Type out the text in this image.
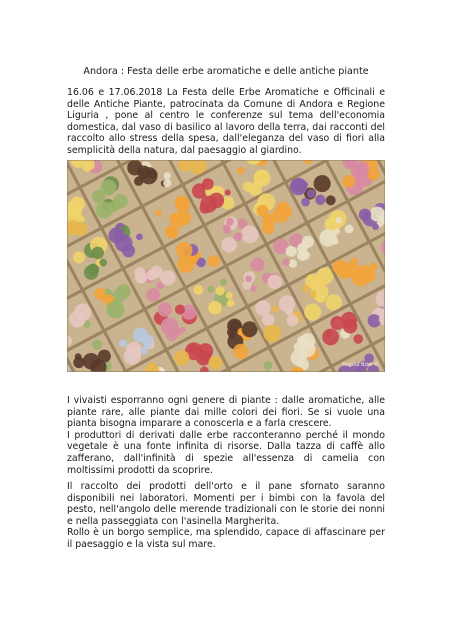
Andora : Festa delle erbe aromatiche e delle antiche piante
16.06 e 17.06.2018 La Festa delle Erbe Aromatiche e Officinali e delle Antiche Piante, patrocinata da Comune di Andora e Regione Liguria , pone al centro le conferenze sul tema dell'economia domestica, dal vaso di basilico al lavoro della terra, dai racconti del raccolto allo stress della spesa, dall'eleganza del vaso di fiori alla semplicità della natura, dal paesaggio al giardino.
Angela Bizzi ©
I vivaisti esporranno ogni genere di piante : dalle aromatiche, alle piante rare, alle piante dai mille colori dei fiori. Se si vuole una pianta bisogna imparare a conoscerla e a farla crescere.
I produttori di derivati dalle erbe racconteranno perché il mondo vegetale è una fonte infinita di risorse. Dalla tazza di caffè allo zafferano, dall'infinità di spezie all'essenza di camelia con moltissimi prodotti da scoprire.
Il raccolto dei prodotti dell'orto e il pane sfornato saranno disponibili nei laboratori. Momenti per i bimbi con la favola del pesto, nell'angolo delle merende tradizionali con le storie dei nonni e nella passeggiata con l'asinella Margherita.
Rollo è un borgo semplice, ma splendido, capace di affascinare per il paesaggio e la vista sul mare.
